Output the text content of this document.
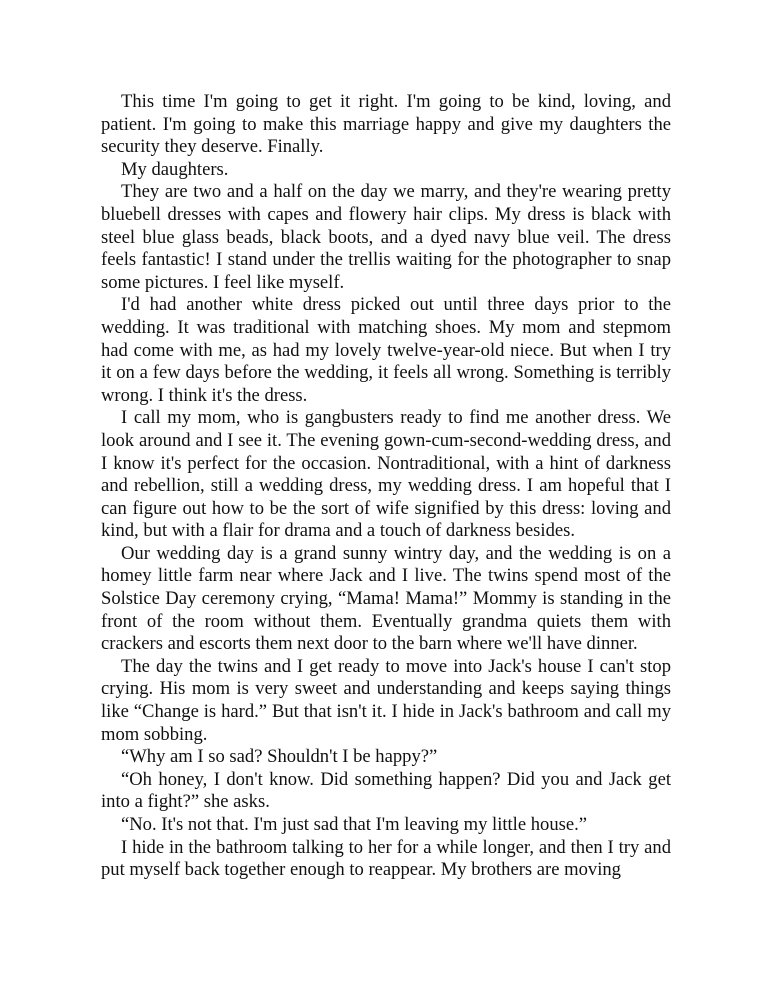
This time I'm going to get it right. I'm going to be kind, loving, and patient. I'm going to make this marriage happy and give my daughters the security they deserve. Finally.

My daughters.

They are two and a half on the day we marry, and they're wearing pretty bluebell dresses with capes and flowery hair clips. My dress is black with steel blue glass beads, black boots, and a dyed navy blue veil. The dress feels fantastic! I stand under the trellis waiting for the photographer to snap some pictures. I feel like myself.

I'd had another white dress picked out until three days prior to the wedding. It was traditional with matching shoes. My mom and stepmom had come with me, as had my lovely twelve-year-old niece. But when I try it on a few days before the wedding, it feels all wrong. Something is terribly wrong. I think it's the dress.

I call my mom, who is gangbusters ready to find me another dress. We look around and I see it. The evening gown-cum-second-wedding dress, and I know it's perfect for the occasion. Nontraditional, with a hint of darkness and rebellion, still a wedding dress, my wedding dress. I am hopeful that I can figure out how to be the sort of wife signified by this dress: loving and kind, but with a flair for drama and a touch of darkness besides.

Our wedding day is a grand sunny wintry day, and the wedding is on a homey little farm near where Jack and I live. The twins spend most of the Solstice Day ceremony crying, “Mama! Mama!” Mommy is standing in the front of the room without them. Eventually grandma quiets them with crackers and escorts them next door to the barn where we'll have dinner.

The day the twins and I get ready to move into Jack's house I can't stop crying. His mom is very sweet and understanding and keeps saying things like “Change is hard.” But that isn't it. I hide in Jack's bathroom and call my mom sobbing.

“Why am I so sad? Shouldn't I be happy?”

“Oh honey, I don't know. Did something happen? Did you and Jack get into a fight?” she asks.

“No. It's not that. I'm just sad that I'm leaving my little house.”

I hide in the bathroom talking to her for a while longer, and then I try and put myself back together enough to reappear. My brothers are moving
